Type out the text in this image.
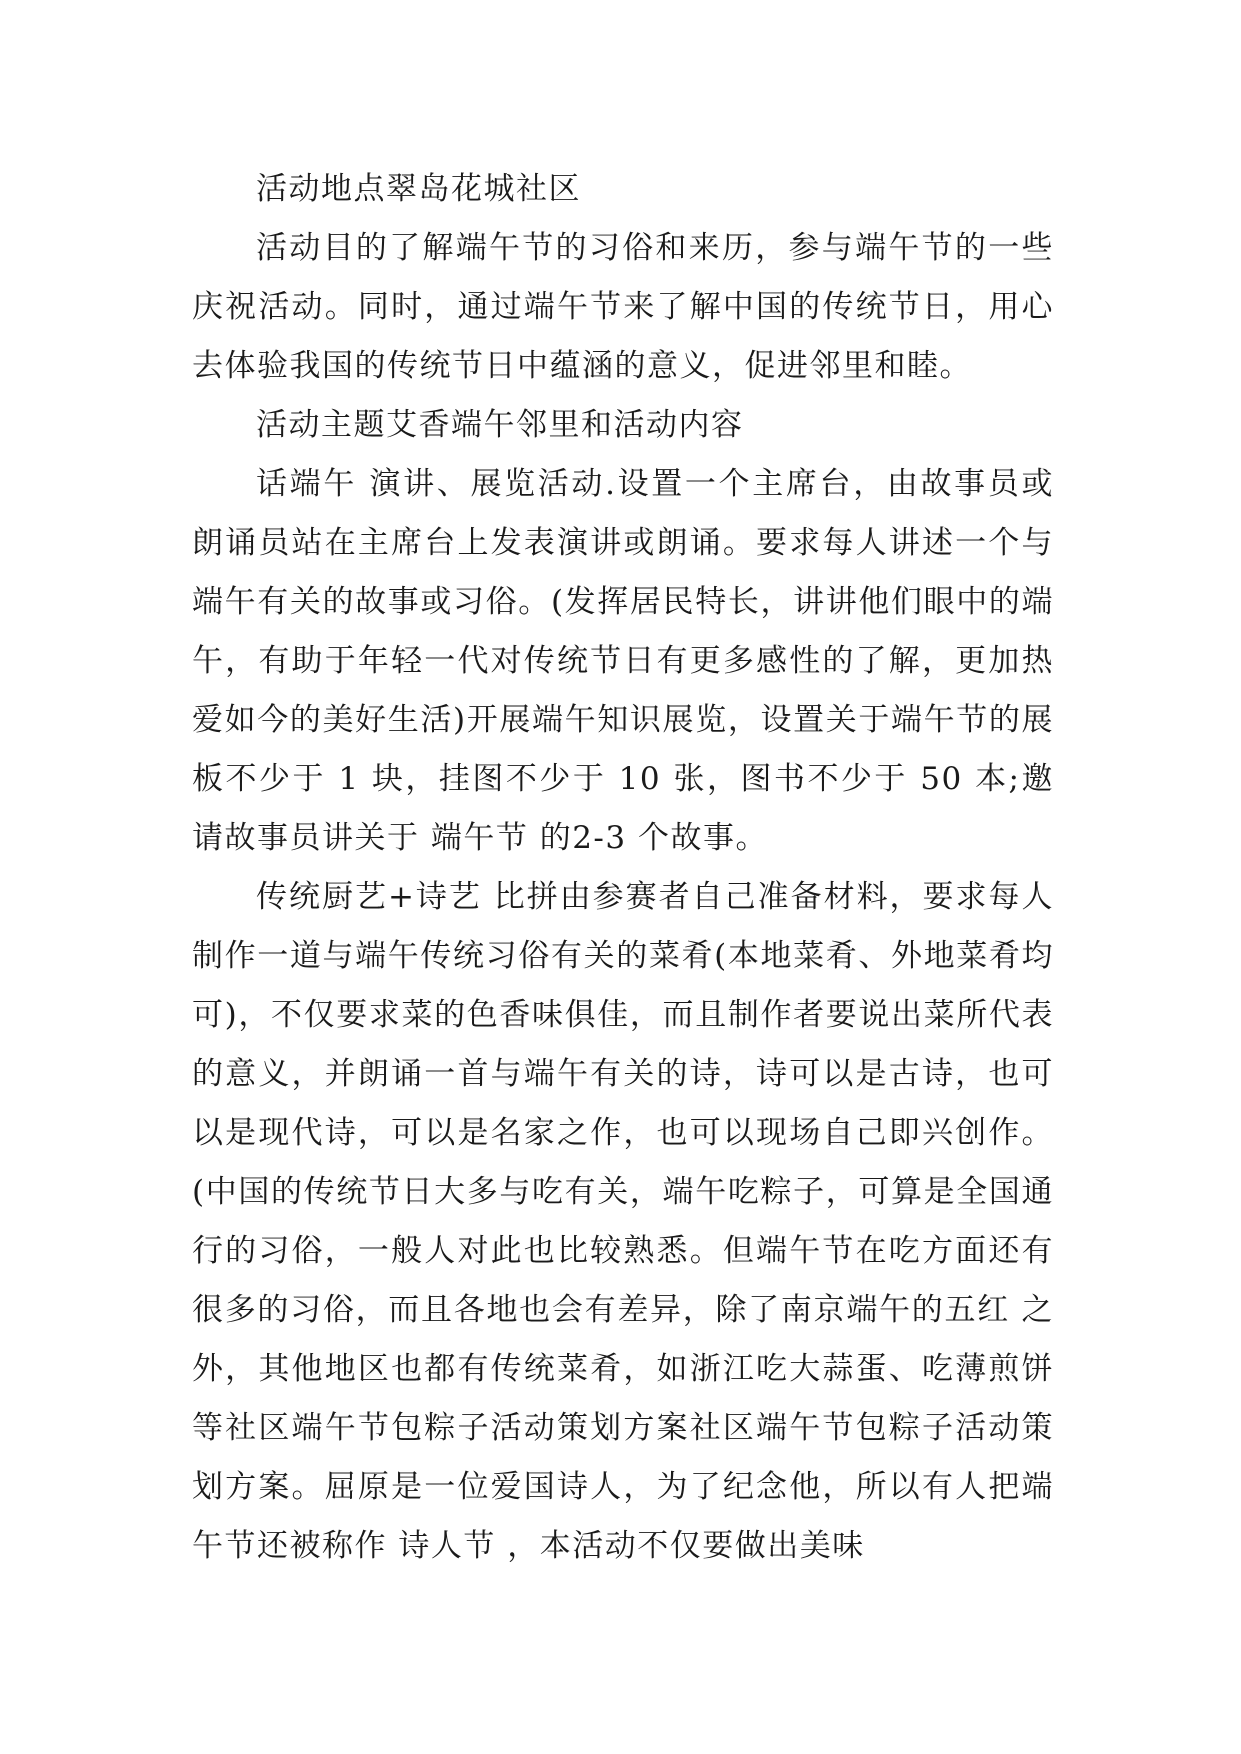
活动地点翠岛花城社区

活动目的了解端午节的习俗和来历，参与端午节的一些庆祝活动。同时，通过端午节来了解中国的传统节日，用心去体验我国的传统节日中蕴涵的意义，促进邻里和睦。

活动主题艾香端午邻里和活动内容

话端午 演讲、展览活动.设置一个主席台，由故事员或朗诵员站在主席台上发表演讲或朗诵。要求每人讲述一个与端午有关的故事或习俗。(发挥居民特长，讲讲他们眼中的端午，有助于年轻一代对传统节日有更多感性的了解，更加热爱如今的美好生活)开展端午知识展览，设置关于端午节的展板不少于 1 块，挂图不少于 10 张，图书不少于 50 本;邀请故事员讲关于 端午节 的2-3 个故事。

传统厨艺+诗艺 比拼由参赛者自己准备材料，要求每人制作一道与端午传统习俗有关的菜肴(本地菜肴、外地菜肴均可)，不仅要求菜的色香味俱佳，而且制作者要说出菜所代表的意义，并朗诵一首与端午有关的诗，诗可以是古诗，也可以是现代诗，可以是名家之作，也可以现场自己即兴创作。(中国的传统节日大多与吃有关，端午吃粽子，可算是全国通行的习俗，一般人对此也比较熟悉。但端午节在吃方面还有很多的习俗，而且各地也会有差异，除了南京端午的五红 之外，其他地区也都有传统菜肴，如浙江吃大蒜蛋、吃薄煎饼等社区端午节包粽子活动策划方案社区端午节包粽子活动策划方案。屈原是一位爱国诗人，为了纪念他，所以有人把端午节还被称作 诗人节 ，本活动不仅要做出美味
